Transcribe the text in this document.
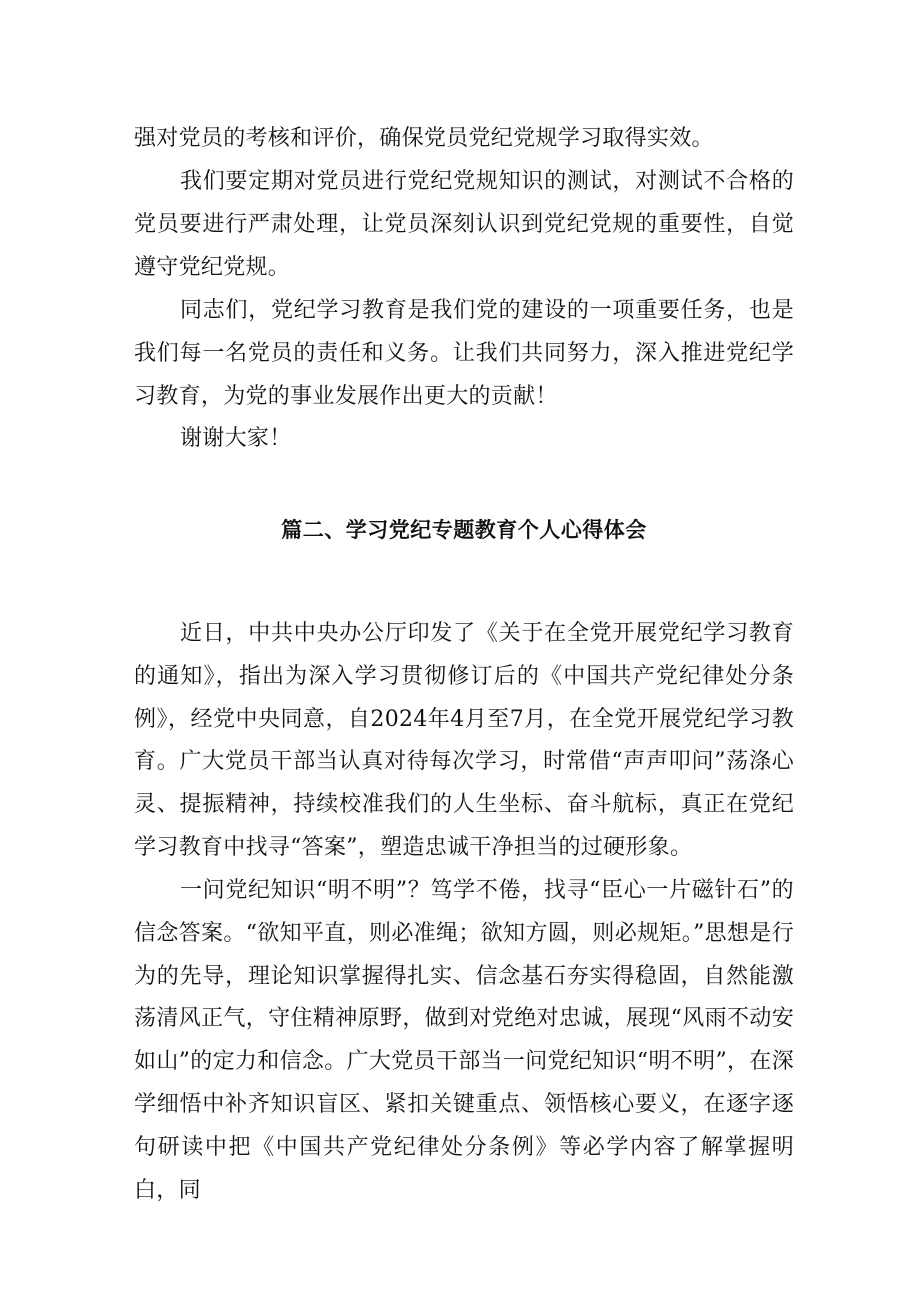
强对党员的考核和评价，确保党员党纪党规学习取得实效。

我们要定期对党员进行党纪党规知识的测试，对测试不合格的党员要进行严肃处理，让党员深刻认识到党纪党规的重要性，自觉遵守党纪党规。

同志们，党纪学习教育是我们党的建设的一项重要任务，也是我们每一名党员的责任和义务。让我们共同努力，深入推进党纪学习教育，为党的事业发展作出更大的贡献！

谢谢大家！

篇二、学习党纪专题教育个人心得体会

近日，中共中央办公厅印发了《关于在全党开展党纪学习教育的通知》，指出为深入学习贯彻修订后的《中国共产党纪律处分条例》，经党中央同意，自2024年4月至7月，在全党开展党纪学习教育。广大党员干部当认真对待每次学习，时常借“声声叩问”荡涤心灵、提振精神，持续校准我们的人生坐标、奋斗航标，真正在党纪学习教育中找寻“答案”，塑造忠诚干净担当的过硬形象。

一问党纪知识“明不明”？笃学不倦，找寻“臣心一片磁针石”的信念答案。“欲知平直，则必准绳；欲知方圆，则必规矩。”思想是行为的先导，理论知识掌握得扎实、信念基石夯实得稳固，自然能激荡清风正气，守住精神原野，做到对党绝对忠诚，展现“风雨不动安如山”的定力和信念。广大党员干部当一问党纪知识“明不明”，在深学细悟中补齐知识盲区、紧扣关键重点、领悟核心要义，在逐字逐句研读中把《中国共产党纪律处分条例》等必学内容了解掌握明白，同
